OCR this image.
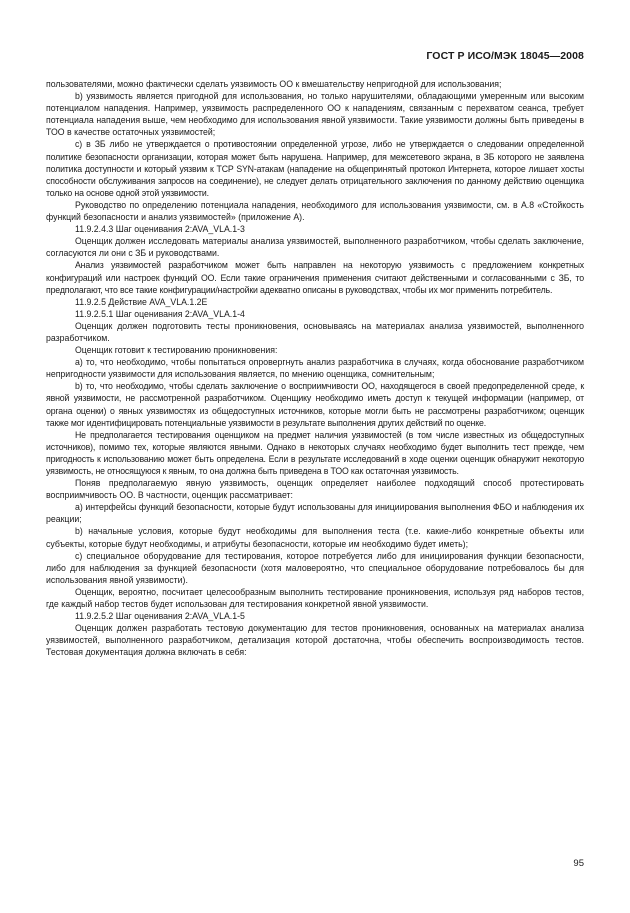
ГОСТ Р ИСО/МЭК 18045—2008

пользователями, можно фактически сделать уязвимость ОО к вмешательству непригодной для использования;

b) уязвимость является пригодной для использования, но только нарушителями, обладающими умеренным или высоким потенциалом нападения. Например, уязвимость распределенного ОО к нападениям, связанным с перехватом сеанса, требует потенциала нападения выше, чем необходимо для использования явной уязвимости. Такие уязвимости должны быть приведены в ТОО в качестве остаточных уязвимостей;

c) в ЗБ либо не утверждается о противостоянии определенной угрозе, либо не утверждается о следовании определенной политике безопасности организации, которая может быть нарушена. Например, для межсетевого экрана, в ЗБ которого не заявлена политика доступности и который уязвим к TCP SYN-атакам (нападение на общепринятый протокол Интернета, которое лишает хосты способности обслуживания запросов на соединение), не следует делать отрицательного заключения по данному действию оценщика только на основе одной этой уязвимости.

Руководство по определению потенциала нападения, необходимого для использования уязвимости, см. в А.8 «Стойкость функций безопасности и анализ уязвимостей» (приложение А).

11.9.2.4.3 Шаг оценивания 2:AVA_VLA.1-3

Оценщик должен исследовать материалы анализа уязвимостей, выполненного разработчиком, чтобы сделать заключение, согласуются ли они с ЗБ и руководствами.

Анализ уязвимостей разработчиком может быть направлен на некоторую уязвимость с предложением конкретных конфигураций или настроек функций ОО. Если такие ограничения применения считают действенными и согласованными с ЗБ, то предполагают, что все такие конфигурации/настройки адекватно описаны в руководствах, чтобы их мог применить потребитель.

11.9.2.5 Действие AVA_VLA.1.2E

11.9.2.5.1 Шаг оценивания 2:AVA_VLA.1-4

Оценщик должен подготовить тесты проникновения, основываясь на материалах анализа уязвимостей, выполненного разработчиком.

Оценщик готовит к тестированию проникновения:

a) то, что необходимо, чтобы попытаться опровергнуть анализ разработчика в случаях, когда обоснование разработчиком непригодности уязвимости для использования является, по мнению оценщика, сомнительным;

b) то, что необходимо, чтобы сделать заключение о восприимчивости ОО, находящегося в своей предопределенной среде, к явной уязвимости, не рассмотренной разработчиком. Оценщику необходимо иметь доступ к текущей информации (например, от органа оценки) о явных уязвимостях из общедоступных источников, которые могли быть не рассмотрены разработчиком; оценщик также мог идентифицировать потенциальные уязвимости в результате выполнения других действий по оценке.

Не предполагается тестирования оценщиком на предмет наличия уязвимостей (в том числе известных из общедоступных источников), помимо тех, которые являются явными. Однако в некоторых случаях необходимо будет выполнить тест прежде, чем пригодность к использованию может быть определена. Если в результате исследований в ходе оценки оценщик обнаружит некоторую уязвимость, не относящуюся к явным, то она должна быть приведена в ТОО как остаточная уязвимость.

Поняв предполагаемую явную уязвимость, оценщик определяет наиболее подходящий способ протестировать восприимчивость ОО. В частности, оценщик рассматривает:

a) интерфейсы функций безопасности, которые будут использованы для инициирования выполнения ФБО и наблюдения их реакции;

b) начальные условия, которые будут необходимы для выполнения теста (т.е. какие-либо конкретные объекты или субъекты, которые будут необходимы, и атрибуты безопасности, которые им необходимо будет иметь);

c) специальное оборудование для тестирования, которое потребуется либо для инициирования функции безопасности, либо для наблюдения за функцией безопасности (хотя маловероятно, что специальное оборудование потребовалось бы для использования явной уязвимости).

Оценщик, вероятно, посчитает целесообразным выполнить тестирование проникновения, используя ряд наборов тестов, где каждый набор тестов будет использован для тестирования конкретной явной уязвимости.

11.9.2.5.2 Шаг оценивания 2:AVA_VLA.1-5

Оценщик должен разработать тестовую документацию для тестов проникновения, основанных на материалах анализа уязвимостей, выполненного разработчиком, детализация которой достаточна, чтобы обеспечить воспроизводимость тестов. Тестовая документация должна включать в себя:

95
